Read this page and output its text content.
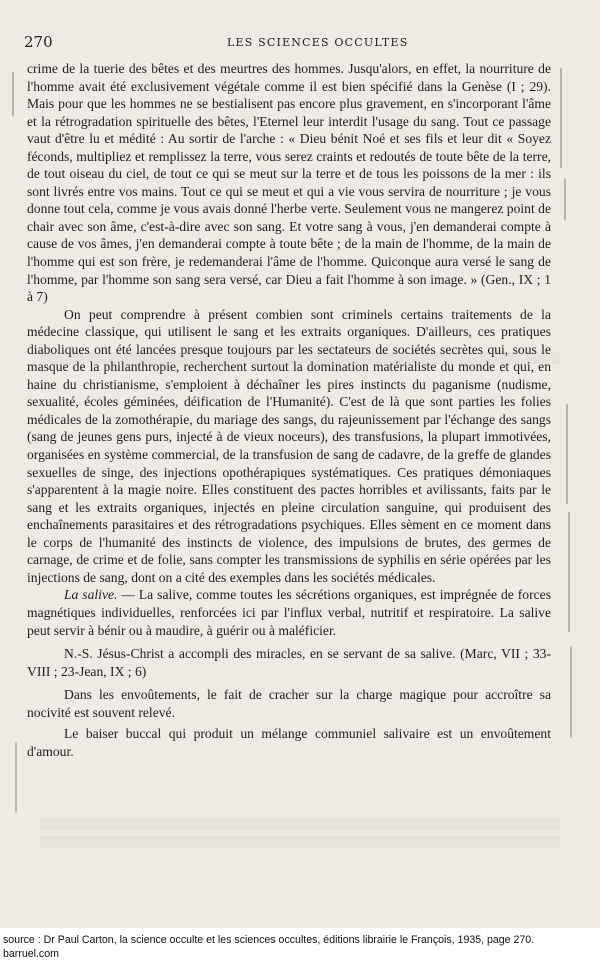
270	LES SCIENCES OCCULTES

crime de la tuerie des bêtes et des meurtres des hommes. Jusqu'alors, en effet, la nourriture de l'homme avait été exclusivement végétale comme il est bien spécifié dans la Genèse (I ; 29). Mais pour que les hommes ne se bestialisent pas encore plus gravement, en s'incorporant l'âme et la rétrogradation spirituelle des bêtes, l'Eternel leur interdit l'usage du sang. Tout ce passage vaut d'être lu et médité : Au sortir de l'arche : « Dieu bénit Noé et ses fils et leur dit « Soyez féconds, multipliez et remplissez la terre, vous serez craints et redoutés de toute bête de la terre, de tout oiseau du ciel, de tout ce qui se meut sur la terre et de tous les poissons de la mer : ils sont livrés entre vos mains. Tout ce qui se meut et qui a vie vous servira de nourriture ; je vous donne tout cela, comme je vous avais donné l'herbe verte. Seulement vous ne mangerez point de chair avec son âme, c'est-à-dire avec son sang. Et votre sang à vous, j'en demanderai compte à cause de vos âmes, j'en demanderai compte à toute bête ; de la main de l'homme, de la main de l'homme qui est son frère, je redemanderai l'âme de l'homme. Quiconque aura versé le sang de l'homme, par l'homme son sang sera versé, car Dieu a fait l'homme à son image. » (Gen., IX ; 1 à 7)

On peut comprendre à présent combien sont criminels certains traitements de la médecine classique, qui utilisent le sang et les extraits organiques. D'ailleurs, ces pratiques diaboliques ont été lancées presque toujours par les sectateurs de sociétés secrètes qui, sous le masque de la philanthropie, recherchent surtout la domination matérialiste du monde et qui, en haine du christianisme, s'emploient à déchaîner les pires instincts du paganisme (nudisme, sexualité, écoles géminées, déification de l'Humanité). C'est de là que sont parties les folies médicales de la zomothérapie, du mariage des sangs, du rajeunissement par l'échange des sangs (sang de jeunes gens purs, injecté à de vieux noceurs), des transfusions, la plupart immotivées, organisées en système commercial, de la transfusion de sang de cadavre, de la greffe de glandes sexuelles de singe, des injections opothérapiques systématiques. Ces pratiques démoniaques s'apparentent à la magie noire. Elles constituent des pactes horribles et avilissants, faits par le sang et les extraits organiques, injectés en pleine circulation sanguine, qui produisent des enchaînements parasitaires et des rétrogradations psychiques. Elles sèment en ce moment dans le corps de l'humanité des instincts de violence, des impulsions de brutes, des germes de carnage, de crime et de folie, sans compter les transmissions de syphilis en série opérées par les injections de sang, dont on a cité des exemples dans les sociétés médicales.

La salive. — La salive, comme toutes les sécrétions organiques, est imprégnée de forces magnétiques individuelles, renforcées ici par l'influx verbal, nutritif et respiratoire. La salive peut servir à bénir ou à maudire, à guérir ou à maléficier.

N.-S. Jésus-Christ a accompli des miracles, en se servant de sa salive. (Marc, VII ; 33-VIII ; 23-Jean, IX ; 6)

Dans les envoûtements, le fait de cracher sur la charge magique pour accroître sa nocivité est souvent relevé.

Le baiser buccal qui produit un mélange communiel salivaire est un envoûtement d'amour.

source : Dr Paul Carton, la science occulte et les sciences occultes, éditions librairie le François, 1935, page 270.
barruel.com
